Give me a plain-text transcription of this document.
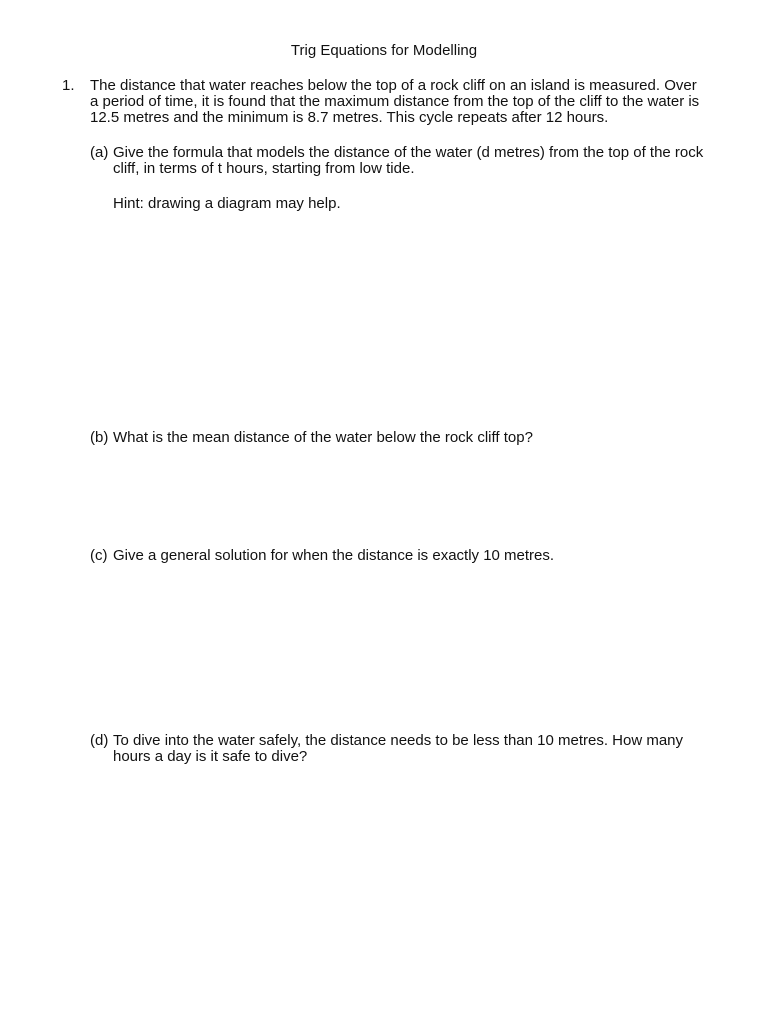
Trig Equations for Modelling
1. The distance that water reaches below the top of a rock cliff on an island is measured. Over
a period of time, it is found that the maximum distance from the top of the cliff to the water is
12.5 metres and the minimum is 8.7 metres. This cycle repeats after 12 hours.
(a) Give the formula that models the distance of the water (d metres) from the top of the rock
cliff, in terms of t hours, starting from low tide.
Hint: drawing a diagram may help.
(b) What is the mean distance of the water below the rock cliff top?
(c) Give a general solution for when the distance is exactly 10 metres.
(d) To dive into the water safely, the distance needs to be less than 10 metres. How many
hours a day is it safe to dive?
